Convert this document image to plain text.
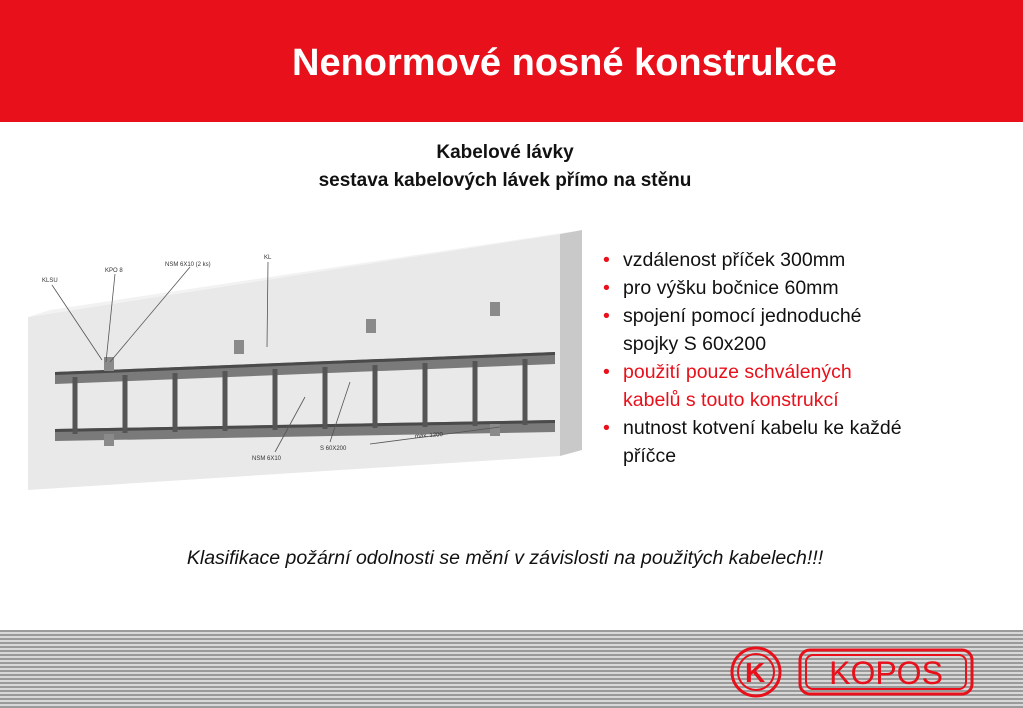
Nenormové nosné konstrukce
Kabelové lávky
sestava kabelových lávek přímo na stěnu
KLSU
KPO 8
NSM 6X10 (2 ks)
KL
NSM 6X10
S 60X200
max. 1200
• vzdálenost příček 300mm
• pro výšku bočnice 60mm
• spojení pomocí jednoduché
spojky S 60x200
• použití pouze schválených
kabelů s touto konstrukcí
• nutnost kotvení kabelu ke každé
příčce
Klasifikace požární odolnosti se mění v závislosti na použitých kabelech!!!
K KOPOS
